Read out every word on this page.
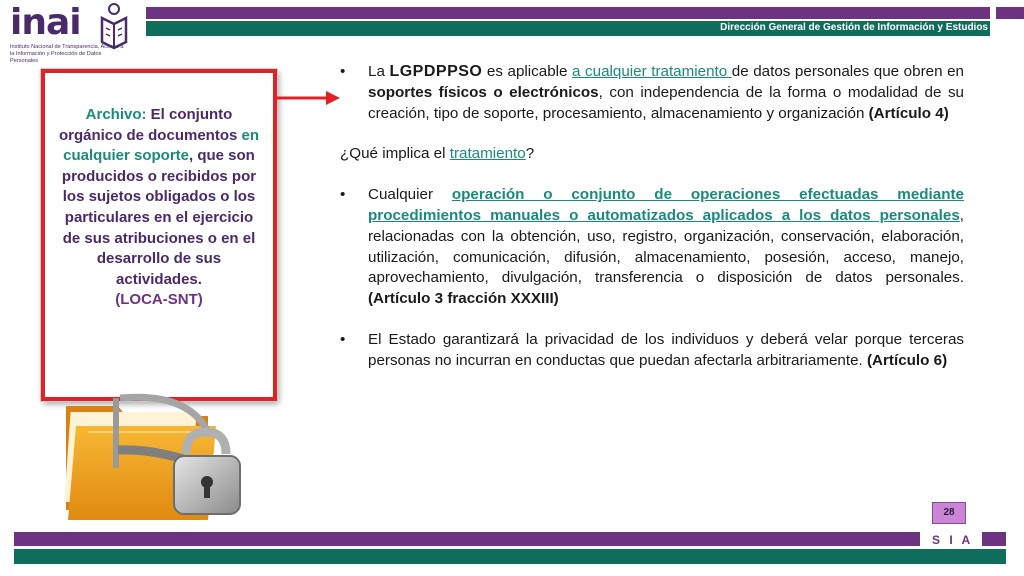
inai
Instituto Nacional de Transparencia, Acceso a la Información y Protección de Datos Personales
Dirección General de Gestión de Información y Estudios
Archivo: El conjunto orgánico de documentos en cualquier soporte, que son producidos o recibidos por los sujetos obligados o los particulares en el ejercicio de sus atribuciones o en el desarrollo de sus actividades.
(LOCA-SNT)
• La LGPDPPSO es aplicable a cualquier tratamiento de datos personales que obren en soportes físicos o electrónicos, con independencia de la forma o modalidad de su creación, tipo de soporte, procesamiento, almacenamiento y organización (Artículo 4)

¿Qué implica el tratamiento?

• Cualquier operación o conjunto de operaciones efectuadas mediante procedimientos manuales o automatizados aplicados a los datos personales, relacionadas con la obtención, uso, registro, organización, conservación, elaboración, utilización, comunicación, difusión, almacenamiento, posesión, acceso, manejo, aprovechamiento, divulgación, transferencia o disposición de datos personales. (Artículo 3 fracción XXXIII)
• El Estado garantizará la privacidad de los individuos y deberá velar porque terceras personas no incurran en conductas que puedan afectarla arbitrariamente. (Artículo 6)
28
S I A
